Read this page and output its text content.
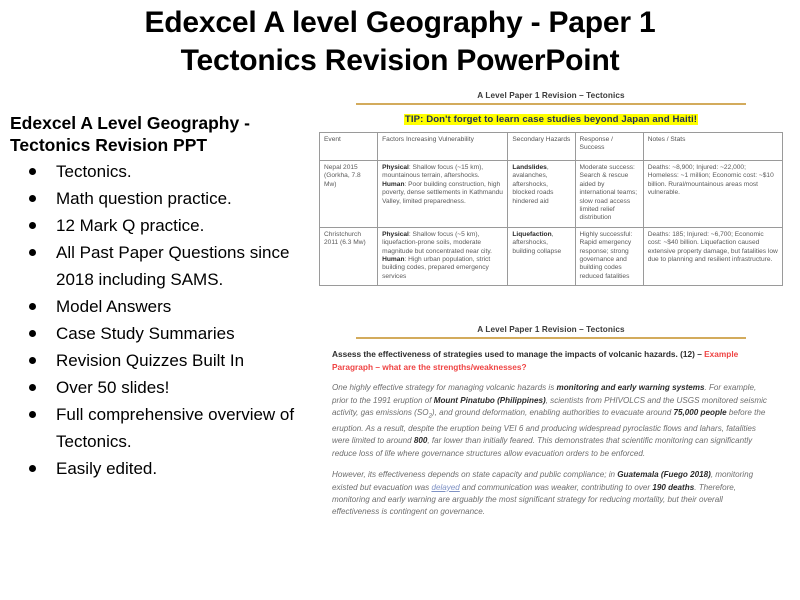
Edexcel A level Geography - Paper 1
Tectonics Revision PowerPoint
Edexcel A Level Geography - Tectonics Revision PPT
Tectonics.
Math question practice.
12 Mark Q practice.
All Past Paper Questions since 2018 including SAMS.
Model Answers
Case Study Summaries
Revision Quizzes Built In
Over 50 slides!
Full comprehensive overview of Tectonics.
Easily edited.
A Level Paper 1 Revision – Tectonics
TIP: Don't forget to learn case studies beyond Japan and Haiti!
Event	Factors Increasing Vulnerability	Secondary Hazards	Response / Success	Notes / Stats
Nepal 2015 (Gorkha, 7.8 Mw)	Physical: Shallow focus (~15 km), mountainous terrain, aftershocks. Human: Poor building construction, high poverty, dense settlements in Kathmandu Valley, limited preparedness.	Landslides, avalanches, aftershocks, blocked roads hindered aid	Moderate success: Search & rescue aided by international teams; slow road access limited relief distribution	Deaths: ~8,900; Injured: ~22,000; Homeless: ~1 million; Economic cost: ~$10 billion. Rural/mountainous areas most vulnerable.
Christchurch 2011 (6.3 Mw)	Physical: Shallow focus (~5 km), liquefaction-prone soils, moderate magnitude but concentrated near city. Human: High urban population, strict building codes, prepared emergency services	Liquefaction, aftershocks, building collapse	Highly successful: Rapid emergency response; strong governance and building codes reduced fatalities	Deaths: 185; Injured: ~6,700; Economic cost: ~$40 billion. Liquefaction caused extensive property damage, but fatalities low due to planning and resilient infrastructure.
A Level Paper 1 Revision – Tectonics
Assess the effectiveness of strategies used to manage the impacts of volcanic hazards. (12) – Example Paragraph – what are the strengths/weaknesses?
One highly effective strategy for managing volcanic hazards is monitoring and early warning systems. For example, prior to the 1991 eruption of Mount Pinatubo (Philippines), scientists from PHIVOLCS and the USGS monitored seismic activity, gas emissions $(SO_2)$, and ground deformation, enabling authorities to evacuate around 75,000 people before the eruption. As a result, despite the eruption being VEI 6 and producing widespread pyroclastic flows and lahars, fatalities were limited to around 800, far lower than initially feared. This demonstrates that scientific monitoring can significantly reduce loss of life where governance structures allow evacuation orders to be enforced.
However, its effectiveness depends on state capacity and public compliance; in Guatemala (Fuego 2018), monitoring existed but evacuation was delayed and communication was weaker, contributing to over 190 deaths. Therefore, monitoring and early warning are arguably the most significant strategy for reducing mortality, but their overall effectiveness is contingent on governance.
